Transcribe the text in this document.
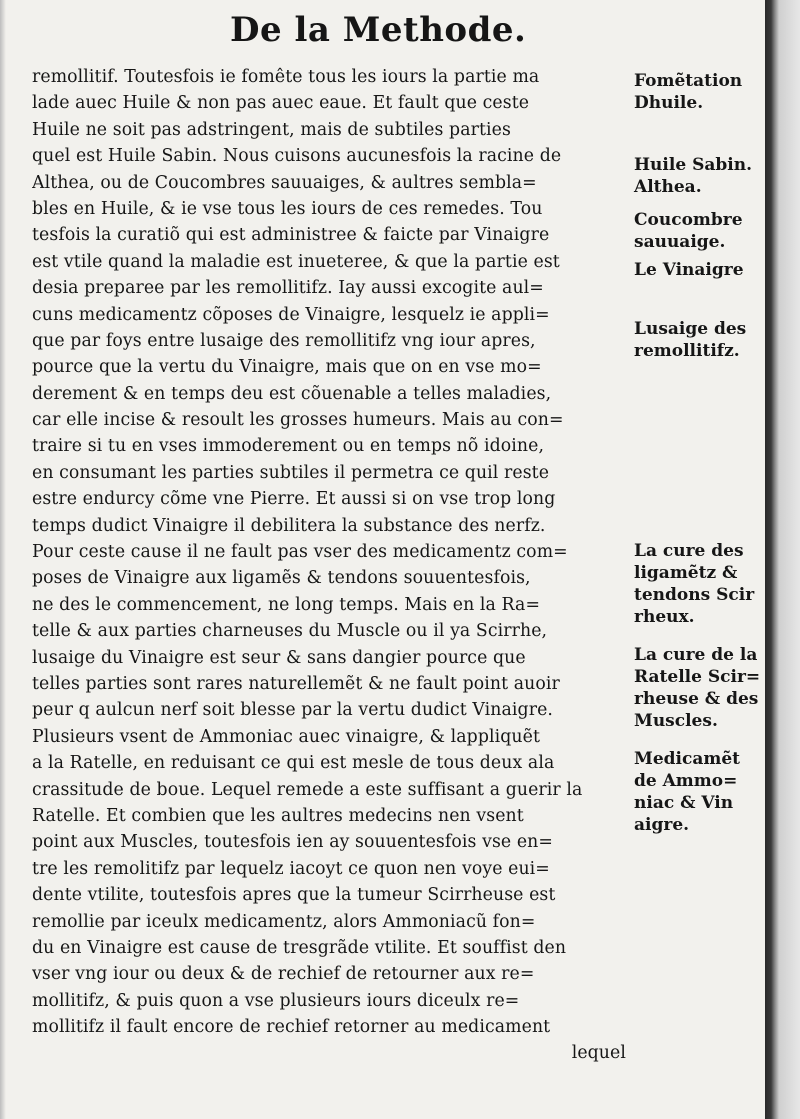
De la Methode.
remollitif. Toutesfois ie fomête tous les iours la partie ma
lade auec Huile & non pas auec eaue. Et fault que ceste
Huile ne soit pas adstringent, mais de subtiles parties
quel est Huile Sabin. Nous cuisons aucunesfois la racine de
Althea, ou de Coucombres sauuaiges, & aultres sembla=
bles en Huile, & ie vse tous les iours de ces remedes. Tou
tesfois la curatiõ qui est administree & faicte par Vinaigre
est vtile quand la maladie est inueteree, & que la partie est
desia preparee par les remollitifz. Iay aussi excogite aul=
cuns medicamentz cõposes de Vinaigre, lesquelz ie appli=
que par foys entre lusaige des remollitifz vng iour apres,
pource que la vertu du Vinaigre, mais que on en vse mo=
derement & en temps deu est cõuenable a telles maladies,
car elle incise & resoult les grosses humeurs. Mais au con=
traire si tu en vses immoderement ou en temps nõ idoine,
en consumant les parties subtiles il permetra ce quil reste
estre endurcy cõme vne Pierre. Et aussi si on vse trop long
temps dudict Vinaigre il debilitera la substance des nerfz.
Pour ceste cause il ne fault pas vser des medicamentz com=
poses de Vinaigre aux ligamẽs & tendons souuentesfois,
ne des le commencement, ne long temps. Mais en la Ra=
telle & aux parties charneuses du Muscle ou il ya Scirrhe,
lusaige du Vinaigre est seur & sans dangier pource que
telles parties sont rares naturellemẽt & ne fault point auoir
peur q aulcun nerf soit blesse par la vertu dudict Vinaigre.
Plusieurs vsent de Ammoniac auec vinaigre, & lappliquẽt
a la Ratelle, en reduisant ce qui est mesle de tous deux ala
crassitude de boue. Lequel remede a este suffisant a guerir la
Ratelle. Et combien que les aultres medecins nen vsent
point aux Muscles, toutesfois ien ay souuentesfois vse en=
tre les remolitifz par lequelz iacoyt ce quon nen voye eui=
dente vtilite, toutesfois apres que la tumeur Scirrheuse est
remollie par iceulx medicamentz, alors Ammoniacũ fon=
du en Vinaigre est cause de tresgrãde vtilite. Et souffist den
vser vng iour ou deux & de rechief de retourner aux re=
mollitifz, & puis quon a vse plusieurs iours diceulx re=
mollitifz il fault encore de rechief retorner au medicament
lequel
Fomẽtation
Dhuile.
Huile Sabin.
Althea.
Coucombre
sauuaige.
Le Vinaigre
Lusaige des
remollitifz.
La cure des
ligamẽtz &
tendons Scir
rheux.
La cure de la
Ratelle Scir=
rheuse & des
Muscles.
Medicamẽt
de Ammo=
niac & Vin
aigre.
